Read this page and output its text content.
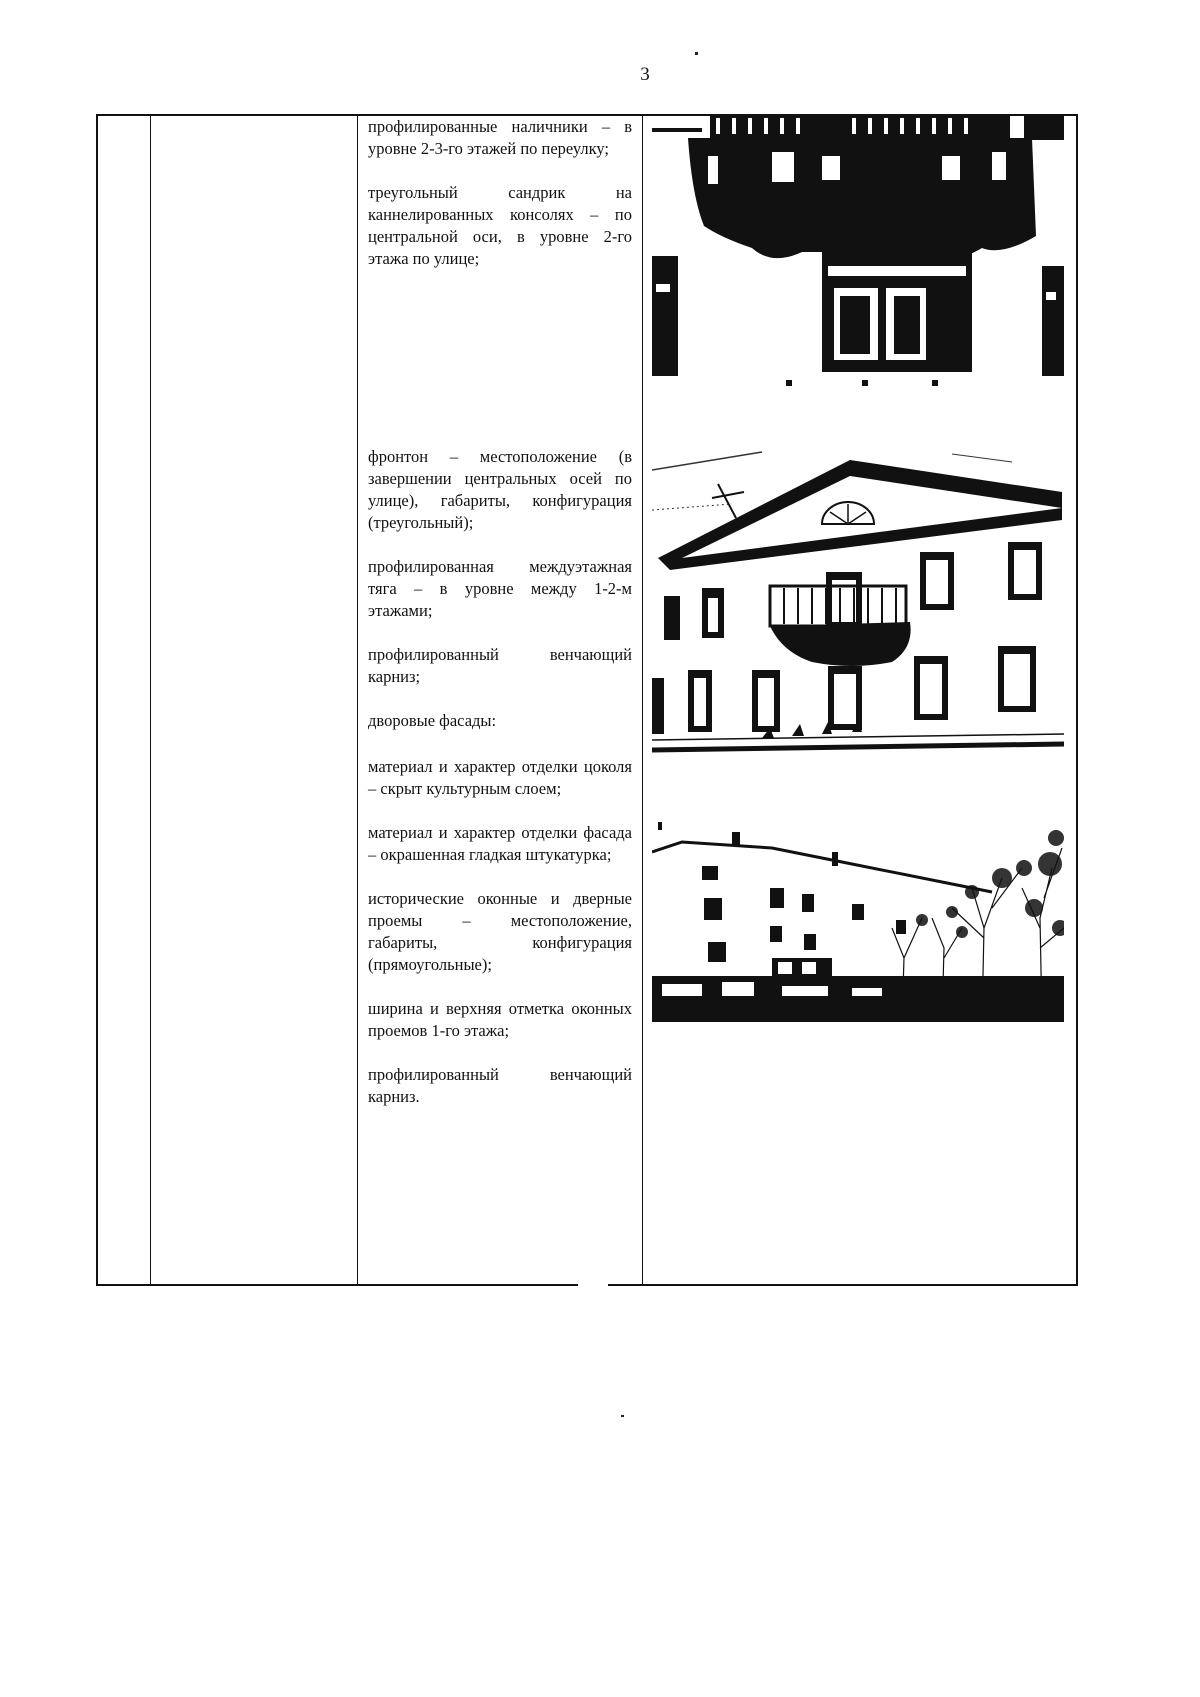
3

профилированные наличники – в уровне 2-3-го этажей по переулку;

треугольный сандрик на каннелированных консолях – по центральной оси, в уровне 2-го этажа по улице;

фронтон – местоположение (в завершении центральных осей по улице), габариты, конфигурация (треугольный);

профилированная междуэтажная тяга – в уровне между 1-2-м этажами;

профилированный венчающий карниз;

дворовые фасады:

материал и характер отделки цоколя – скрыт культурным слоем;

материал и характер отделки фасада – окрашенная гладкая штукатурка;

исторические оконные и дверные проемы – местоположение, габариты, конфигурация (прямоугольные);

ширина и верхняя отметка оконных проемов 1-го этажа;

профилированный венчающий карниз.
